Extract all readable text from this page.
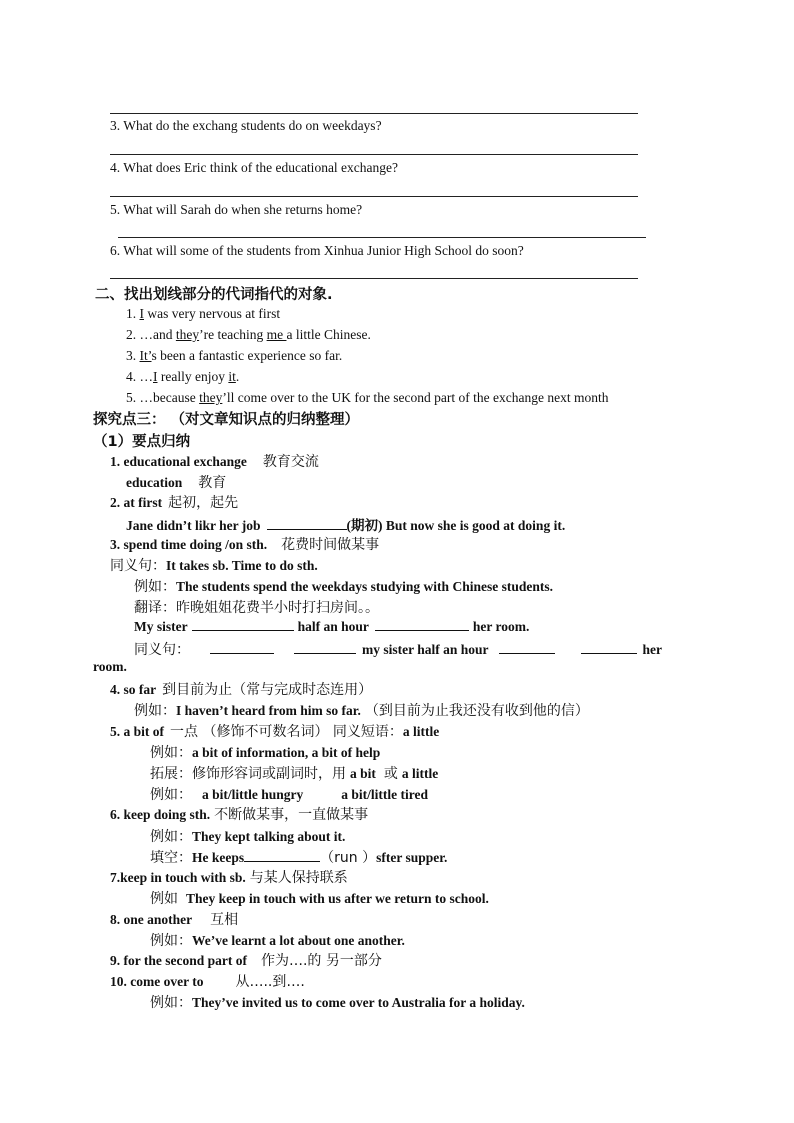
3. What do the exchang students do on weekdays?
4. What does Eric think of the educational exchange?
5. What will Sarah do when she returns home?
6. What will some of the students from Xinhua Junior High School do soon?
二、找出划线部分的代词指代的对象.
1. I was very nervous at first
2. …and they’re teaching me a little Chinese.
3. It’s been a fantastic experience so far.
4. …I really enjoy it.
5. …because they’ll come over to the UK for the second part of the exchange next month
探究点三： （对文章知识点的归纳整理）
（1）要点归纳
1. educational exchange 教育交流
education 教育
2. at first 起初，起先
Jane didn’t likr her job	(期初) But now she is good at doing it.
3. spend time doing /on sth. 花费时间做某事
同义句：It takes sb. Time to do sth.
例如：The students spend the weekdays studying with Chinese students.
翻译：昨晚姐姐花费半小时打扫房间。。
My sister	half an hour	her room.
同义句：	my sister half an hour	her
room.
4. so far 到目前为止（常与完成时态连用）
例如：I haven’t heard from him so far. （到目前为止我还没有收到他的信）
5. a bit of 一点 （修饰不可数名词） 同义短语：a little
例如：a bit of information, a bit of help
拓展：修饰形容词或副词时，用 a bit 或 a little
例如： a bit/little hungry	a bit/little tired
6. keep doing sth. 不断做某事，一直做某事
例如：They kept talking about it.
填空：He keeps	（run ）sfter supper.
7.keep in touch with sb. 与某人保持联系
例如 They keep in touch with us after we return to school.
8. one another 互相
例如：We’ve learnt a lot about one another.
9. for the second part of 作为….的 另一部分
10. come over to 从…..到….
例如：They’ve invited us to come over to Australia for a holiday.
